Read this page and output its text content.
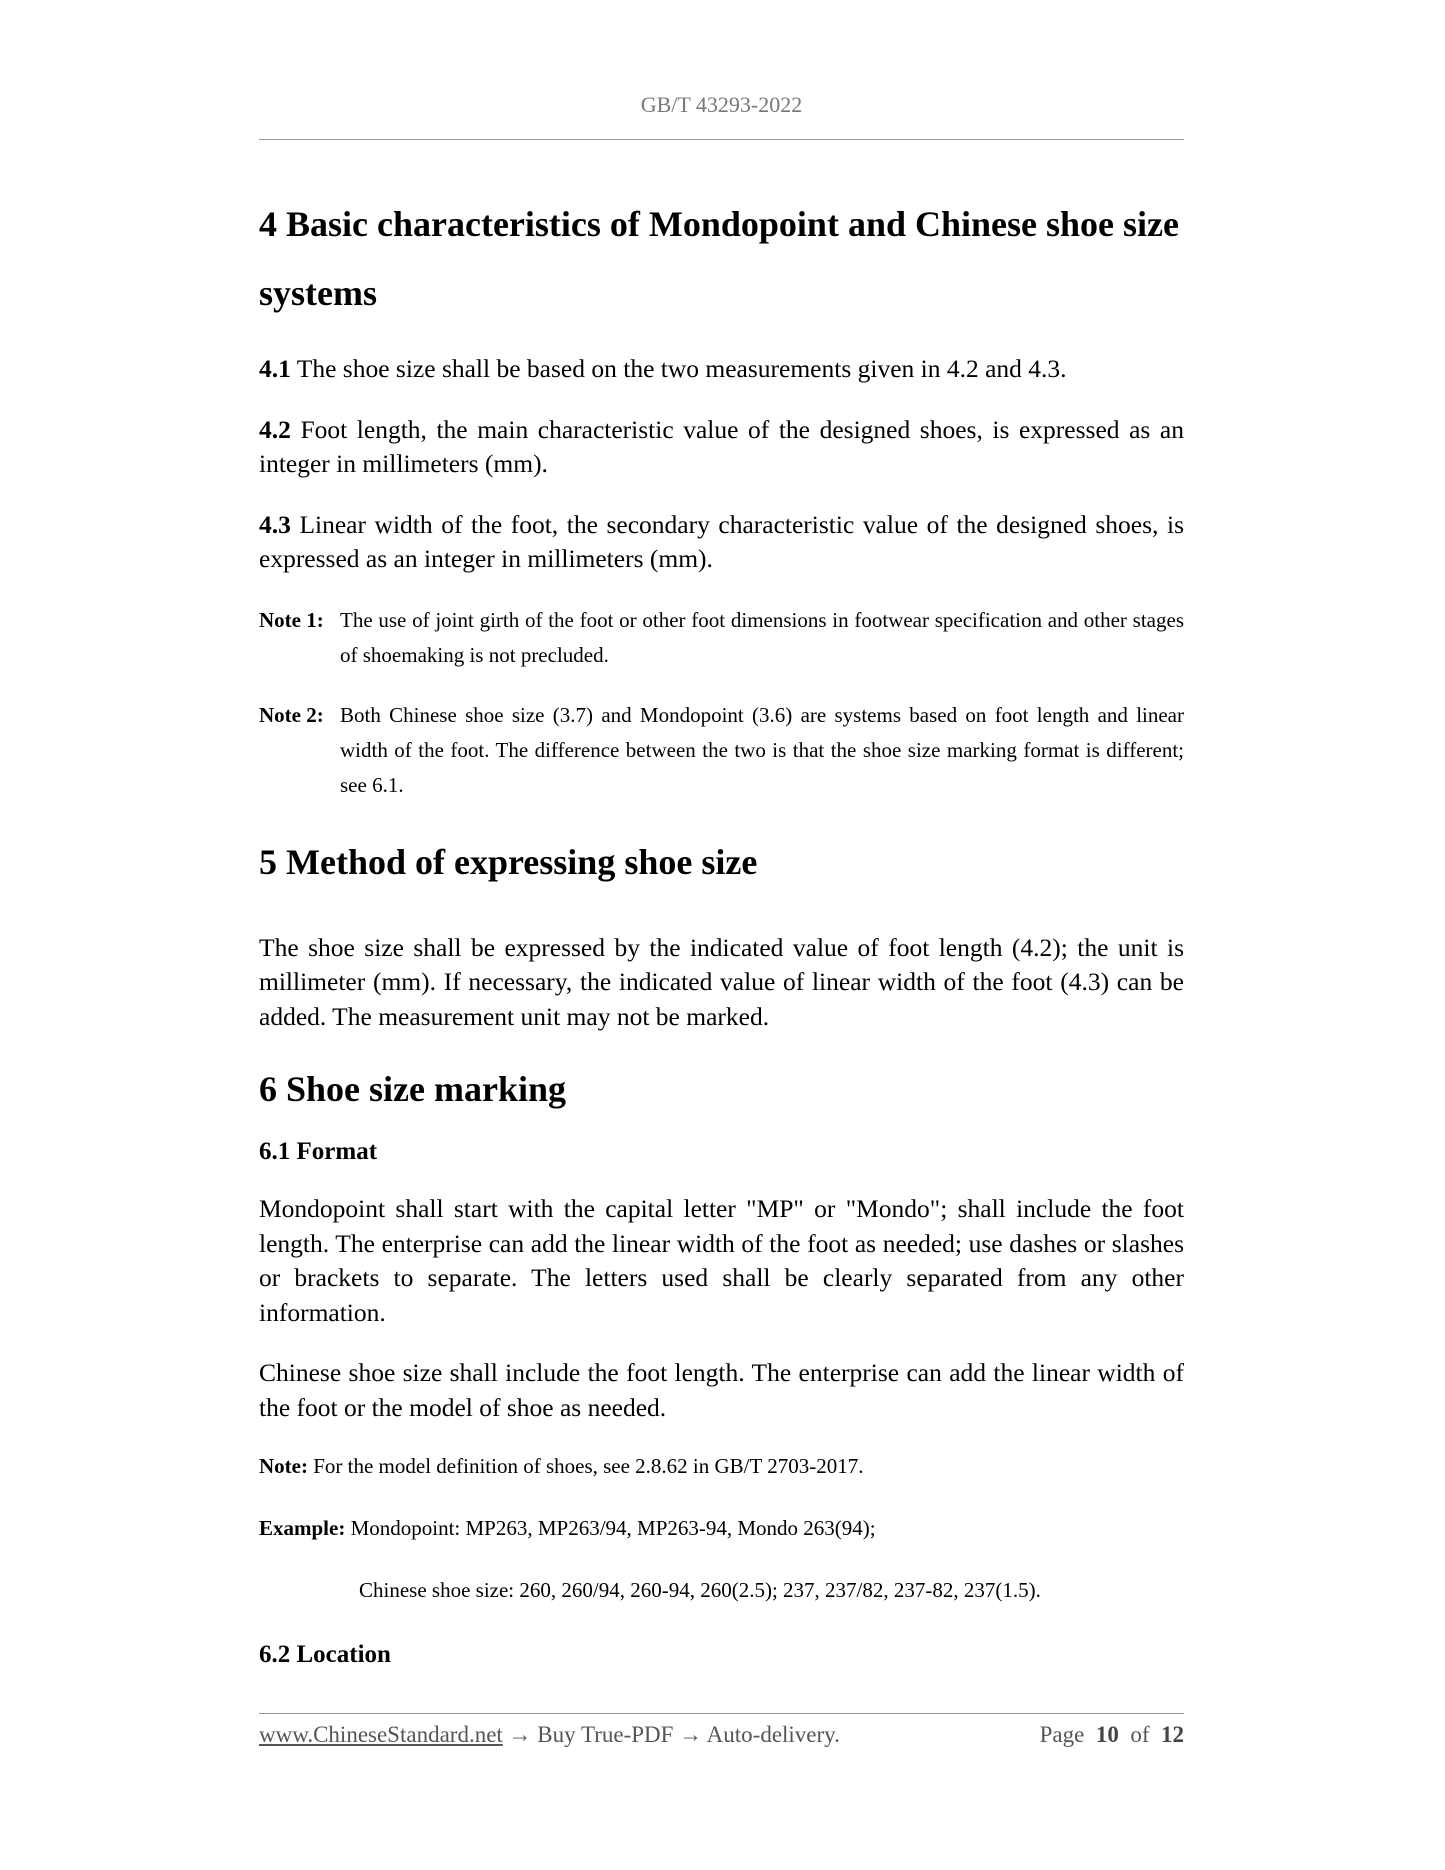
GB/T 43293-2022
4 Basic characteristics of Mondopoint and Chinese shoe size systems

4.1 The shoe size shall be based on the two measurements given in 4.2 and 4.3.

4.2 Foot length, the main characteristic value of the designed shoes, is expressed as an integer in millimeters (mm).

4.3 Linear width of the foot, the secondary characteristic value of the designed shoes, is expressed as an integer in millimeters (mm).

Note 1: The use of joint girth of the foot or other foot dimensions in footwear specification and other stages of shoemaking is not precluded.
Note 2: Both Chinese shoe size (3.7) and Mondopoint (3.6) are systems based on foot length and linear width of the foot. The difference between the two is that the shoe size marking format is different; see 6.1.
5 Method of expressing shoe size

The shoe size shall be expressed by the indicated value of foot length (4.2); the unit is millimeter (mm). If necessary, the indicated value of linear width of the foot (4.3) can be added. The measurement unit may not be marked.

6 Shoe size marking
6.1 Format

Mondopoint shall start with the capital letter "MP" or "Mondo"; shall include the foot length. The enterprise can add the linear width of the foot as needed; use dashes or slashes or brackets to separate. The letters used shall be clearly separated from any other information.

Chinese shoe size shall include the foot length. The enterprise can add the linear width of the foot or the model of shoe as needed.

Note: For the model definition of shoes, see 2.8.62 in GB/T 2703-2017.
Example: Mondopoint: MP263, MP263/94, MP263-94, Mondo 263(94);
Chinese shoe size: 260, 260/94, 260-94, 260(2.5); 237, 237/82, 237-82, 237(1.5).
6.2 Location
www.ChineseStandard.net → Buy True-PDF → Auto-delivery.	Page 10 of 12
